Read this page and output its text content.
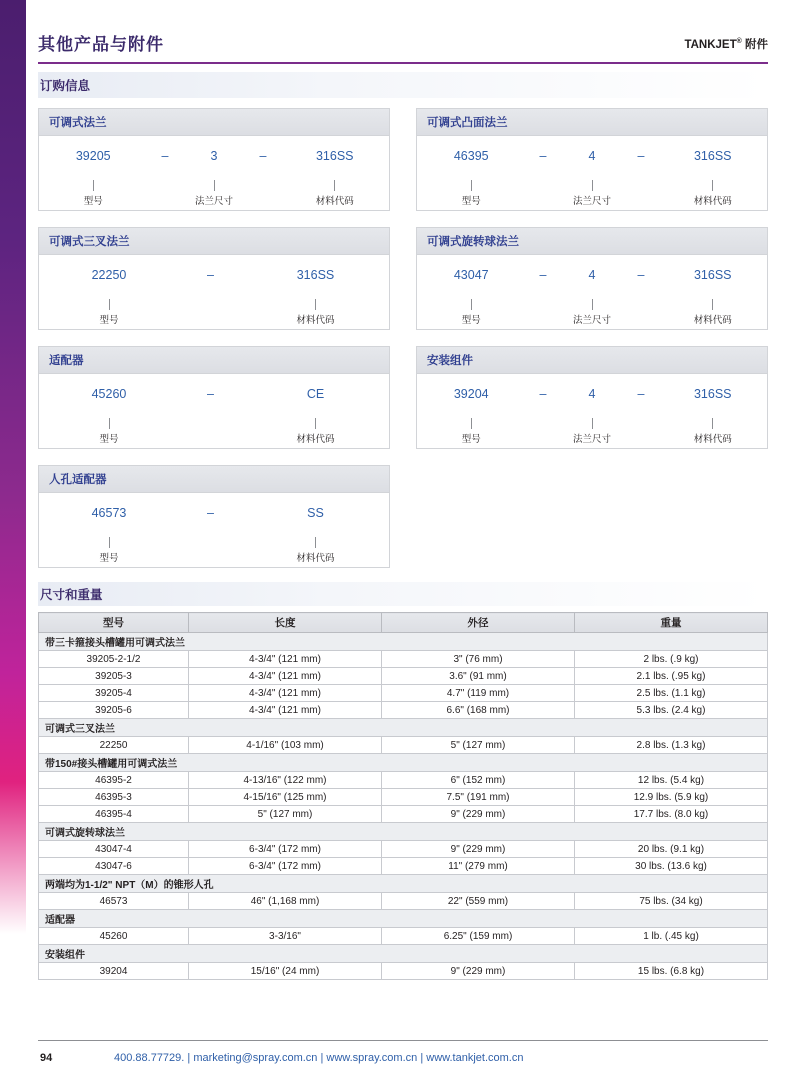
其他产品与附件	TANKJET® 附件
订购信息
可调式法兰
39205	–	3	–	316SS
型号	法兰尺寸	材料代码
可调式三叉法兰
22250	–	316SS
型号	材料代码
适配器
45260	–	CE
型号	材料代码
人孔适配器
46573	–	SS
型号	材料代码
可调式凸面法兰
46395	–	4	–	316SS
型号	法兰尺寸	材料代码
可调式旋转球法兰
43047	–	4	–	316SS
型号	法兰尺寸	材料代码
安装组件
39204	–	4	–	316SS
型号	法兰尺寸	材料代码
尺寸和重量
型号	长度	外径	重量
带三卡箍接头槽罐用可调式法兰			
39205-2-1/2	4-3/4" (121 mm)	3" (76 mm)	2 lbs. (.9 kg)
39205-3	4-3/4" (121 mm)	3.6" (91 mm)	2.1 lbs. (.95 kg)
39205-4	4-3/4" (121 mm)	4.7" (119 mm)	2.5 lbs. (1.1 kg)
39205-6	4-3/4" (121 mm)	6.6" (168 mm)	5.3 lbs. (2.4 kg)
可调式三叉法兰			
22250	4-1/16" (103 mm)	5" (127 mm)	2.8 lbs. (1.3 kg)
带150#接头槽罐用可调式法兰			
46395-2	4-13/16" (122 mm)	6" (152 mm)	12 lbs. (5.4 kg)
46395-3	4-15/16" (125 mm)	7.5" (191 mm)	12.9 lbs. (5.9 kg)
46395-4	5" (127 mm)	9" (229 mm)	17.7 lbs. (8.0 kg)
可调式旋转球法兰			
43047-4	6-3/4" (172 mm)	9" (229 mm)	20 lbs. (9.1 kg)
43047-6	6-3/4" (172 mm)	11" (279 mm)	30 lbs. (13.6 kg)
两端均为1-1/2" NPT（M）的锥形人孔			
46573	46" (1,168 mm)	22" (559 mm)	75 lbs. (34 kg)
适配器			
45260	3-3/16"	6.25" (159 mm)	1 lb. (.45 kg)
安装组件			
39204	15/16" (24 mm)	9" (229 mm)	15 lbs. (6.8 kg)
94	400.88.77729. | marketing@spray.com.cn | www.spray.com.cn | www.tankjet.com.cn
